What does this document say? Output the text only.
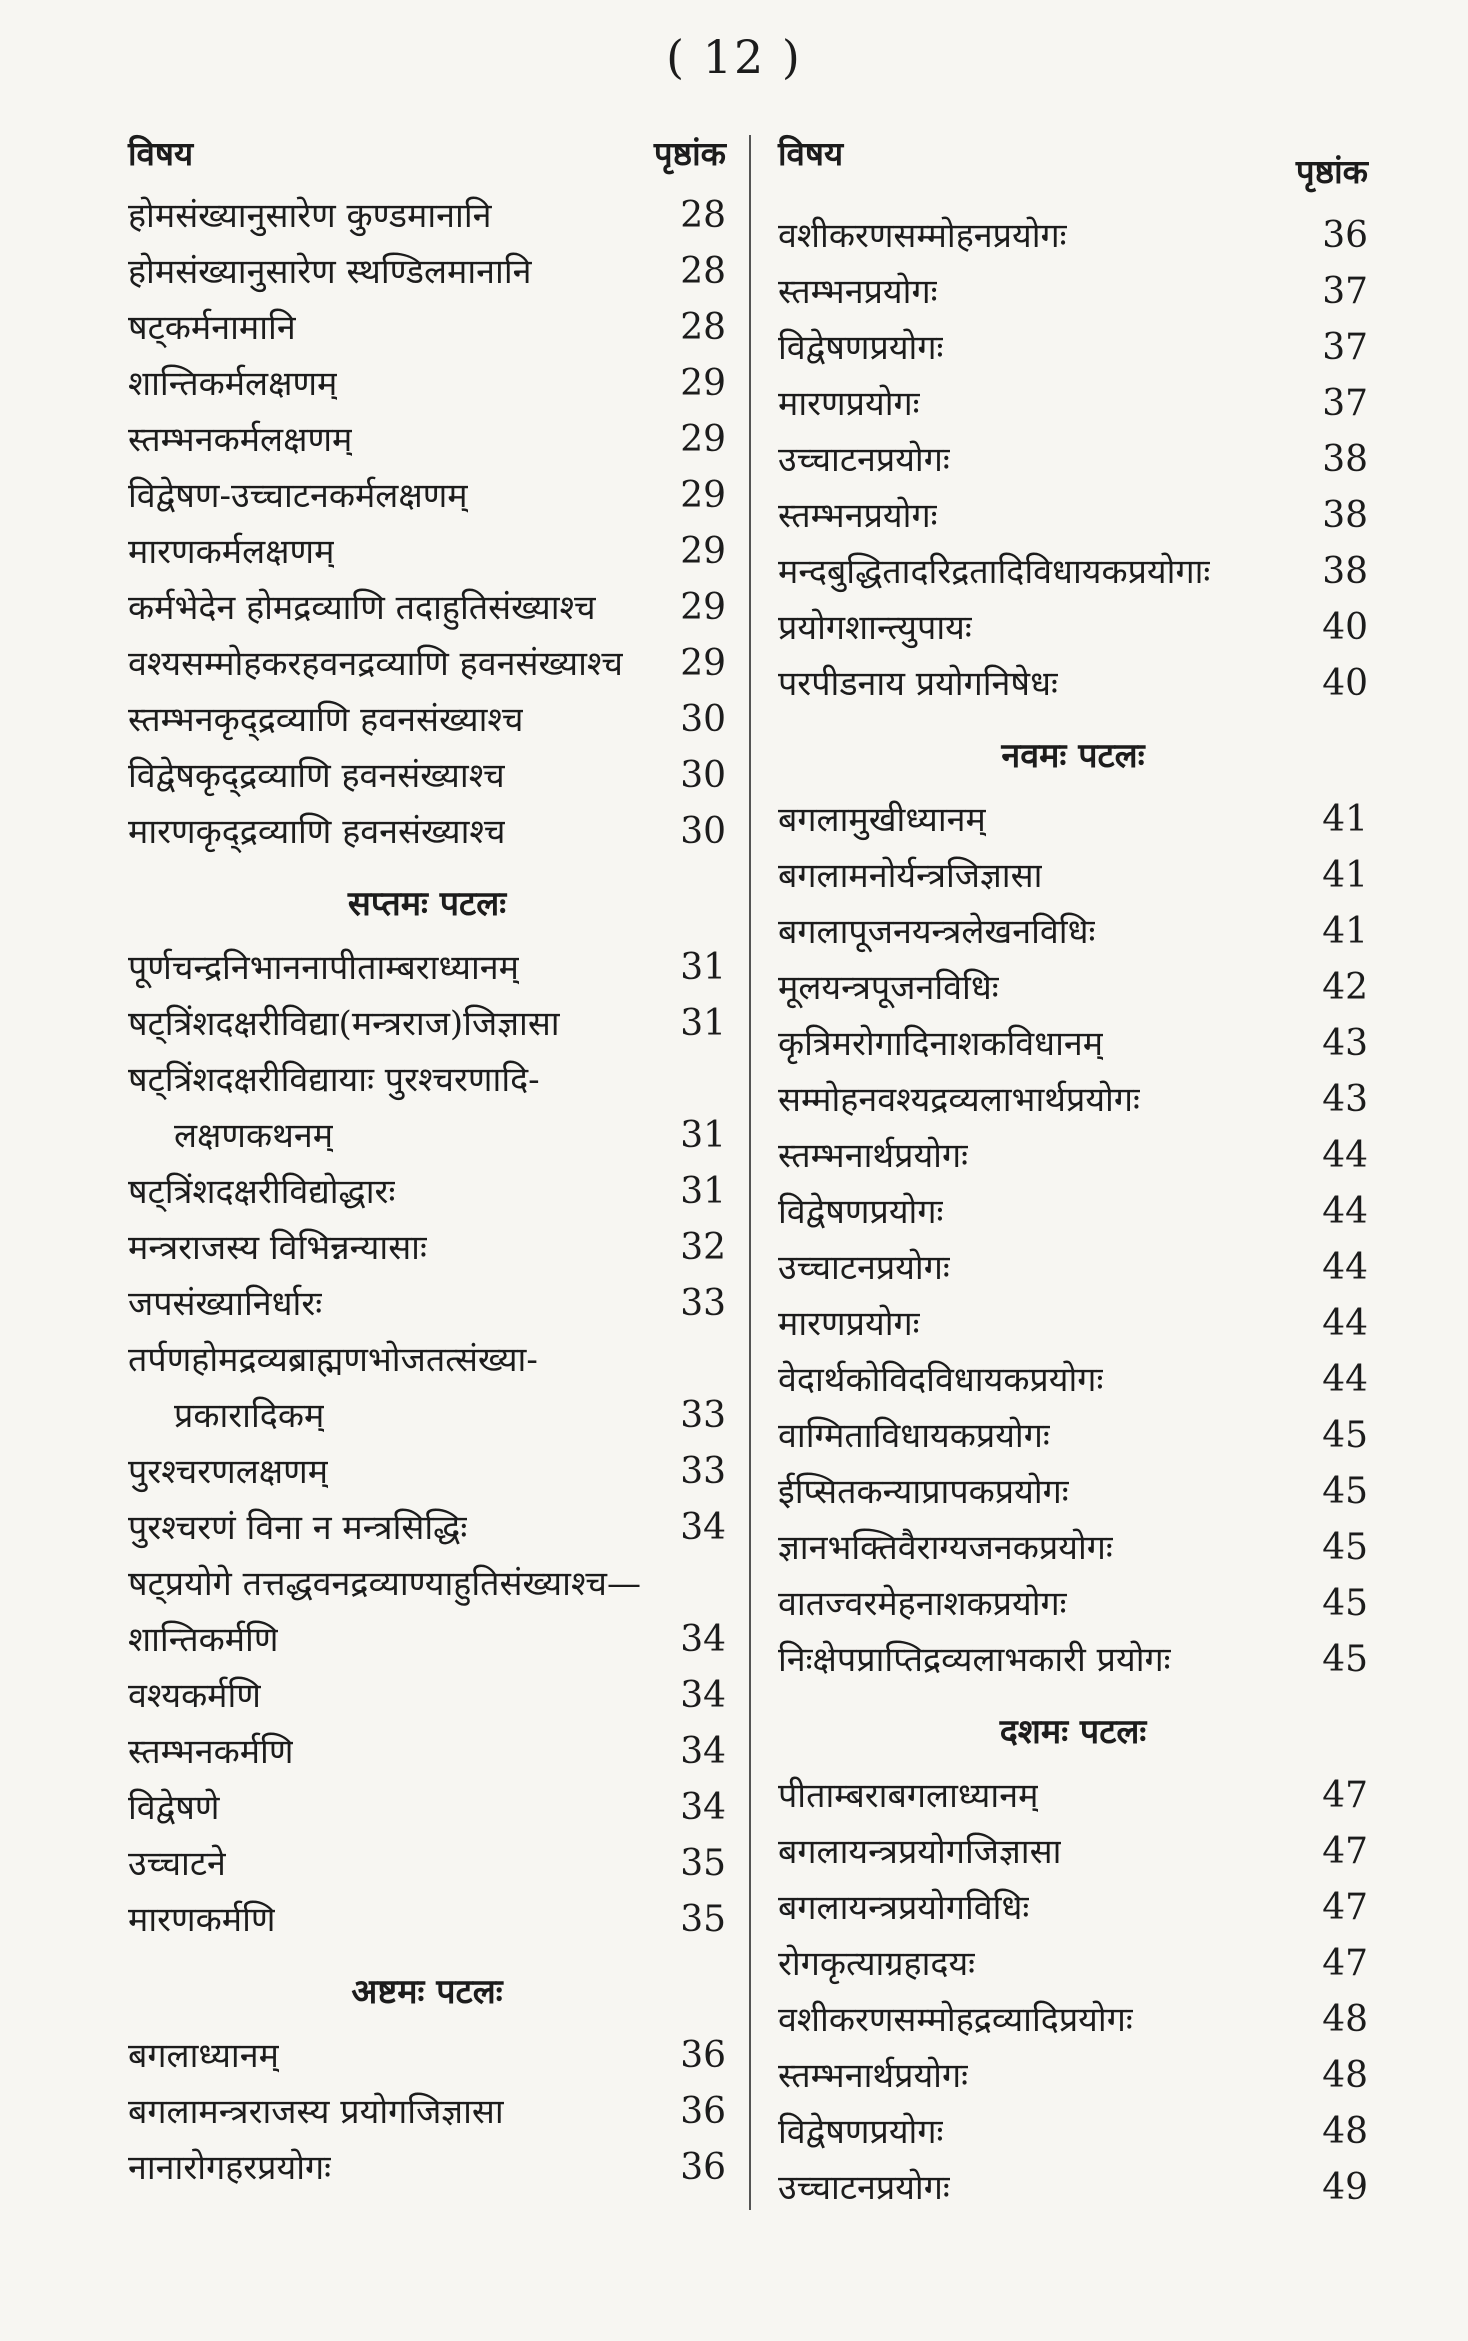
( 12 )
विषय	पृष्ठांक
होमसंख्यानुसारेण कुण्डमानानि	28
होमसंख्यानुसारेण स्थण्डिलमानानि	28
षट्कर्मनामानि	28
शान्तिकर्मलक्षणम्	29
स्तम्भनकर्मलक्षणम्	29
विद्वेषण-उच्चाटनकर्मलक्षणम्	29
मारणकर्मलक्षणम्	29
कर्मभेदेन होमद्रव्याणि तदाहुतिसंख्याश्च 29
वश्यसम्मोहकरहवनद्रव्याणि हवनसंख्याश्च 29
स्तम्भनकृद्द्रव्याणि हवनसंख्याश्च	30
विद्वेषकृद्द्रव्याणि हवनसंख्याश्च	30
मारणकृद्द्रव्याणि हवनसंख्याश्च	30
सप्तमः पटलः
पूर्णचन्द्रनिभाननापीताम्बराध्यानम्	31
षट्त्रिंशदक्षरीविद्या(मन्त्रराज)जिज्ञासा	31
षट्त्रिंशदक्षरीविद्यायाः पुरश्चरणादि-
लक्षणकथनम्	31
षट्त्रिंशदक्षरीविद्योद्धारः	31
मन्त्रराजस्य विभिन्नन्यासाः	32
जपसंख्यानिर्धारः	33
तर्पणहोमद्रव्यब्राह्मणभोजतत्संख्या-
प्रकारादिकम्	33
पुरश्चरणलक्षणम्	33
पुरश्चरणं विना न मन्त्रसिद्धिः	34
षट्प्रयोगे तत्तद्धवनद्रव्याण्याहुतिसंख्याश्च—
शान्तिकर्मणि	34
वश्यकर्मणि	34
स्तम्भनकर्मणि	34
विद्वेषणे	34
उच्चाटने	35
मारणकर्मणि	35
अष्टमः पटलः
बगलाध्यानम्	36
बगलामन्त्रराजस्य प्रयोगजिज्ञासा	36
नानारोगहरप्रयोगः	36
विषय	पृष्ठांक
वशीकरणसम्मोहनप्रयोगः	36
स्तम्भनप्रयोगः	37
विद्वेषणप्रयोगः	37
मारणप्रयोगः	37
उच्चाटनप्रयोगः	38
स्तम्भनप्रयोगः	38
मन्दबुद्धितादरिद्रतादिविधायकप्रयोगाः	38
प्रयोगशान्त्युपायः	40
परपीडनाय प्रयोगनिषेधः	40
नवमः पटलः
बगलामुखीध्यानम्	41
बगलामनोर्यन्त्रजिज्ञासा	41
बगलापूजनयन्त्रलेखनविधिः	41
मूलयन्त्रपूजनविधिः	42
कृत्रिमरोगादिनाशकविधानम्	43
सम्मोहनवश्यद्रव्यलाभार्थप्रयोगः	43
स्तम्भनार्थप्रयोगः	44
विद्वेषणप्रयोगः	44
उच्चाटनप्रयोगः	44
मारणप्रयोगः	44
वेदार्थकोविदविधायकप्रयोगः	44
वाग्मिताविधायकप्रयोगः	45
ईप्सितकन्याप्रापकप्रयोगः	45
ज्ञानभक्तिवैराग्यजनकप्रयोगः	45
वातज्वरमेहनाशकप्रयोगः	45
निःक्षेपप्राप्तिद्रव्यलाभकारी प्रयोगः	45
दशमः पटलः
पीताम्बराबगलाध्यानम्	47
बगलायन्त्रप्रयोगजिज्ञासा	47
बगलायन्त्रप्रयोगविधिः	47
रोगकृत्याग्रहादयः	47
वशीकरणसम्मोहद्रव्यादिप्रयोगः	48
स्तम्भनार्थप्रयोगः	48
विद्वेषणप्रयोगः	48
उच्चाटनप्रयोगः	49
